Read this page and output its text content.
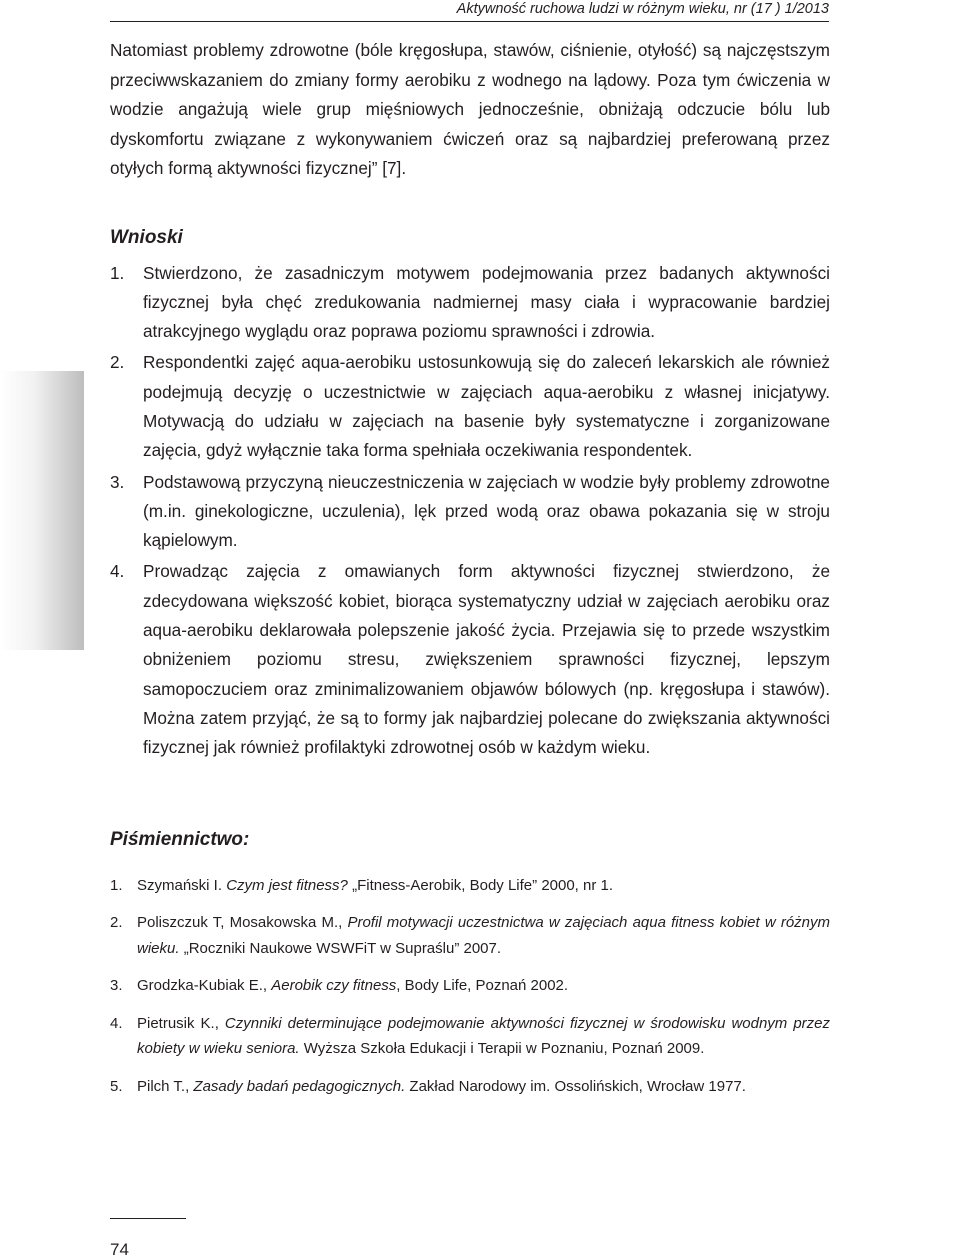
Aktywność ruchowa ludzi w różnym wieku, nr (17 ) 1/2013

Natomiast problemy zdrowotne (bóle kręgosłupa, stawów, ciśnienie, otyłość) są najczęstszym przeciwwskazaniem do zmiany formy aerobiku z wodnego na lądowy. Poza tym ćwiczenia w wodzie angażują wiele grup mięśniowych jednocześnie, obniżają odczucie bólu lub dyskomfortu związane z wykonywaniem ćwiczeń oraz są najbardziej preferowaną przez otyłych formą aktywności fizycznej” [7].

Wnioski
1. Stwierdzono, że zasadniczym motywem podejmowania przez badanych aktywności fizycznej była chęć zredukowania nadmiernej masy ciała i wypracowanie bardziej atrakcyjnego wyglądu oraz poprawa poziomu sprawności i zdrowia.
2. Respondentki zajęć aqua-aerobiku ustosunkowują się do zaleceń lekarskich ale również podejmują decyzję o uczestnictwie w zajęciach aqua-aerobiku z własnej inicjatywy. Motywacją do udziału w zajęciach na basenie były systematyczne i zorganizowane zajęcia, gdyż wyłącznie taka forma spełniała oczekiwania respondentek.
3. Podstawową przyczyną nieuczestniczenia w zajęciach w wodzie były problemy zdrowotne (m.in. ginekologiczne, uczulenia), lęk przed wodą oraz obawa pokazania się w stroju kąpielowym.
4. Prowadząc zajęcia z omawianych form aktywności fizycznej stwierdzono, że zdecydowana większość kobiet, biorąca systematyczny udział w zajęciach aerobiku oraz aqua-aerobiku deklarowała polepszenie jakość życia. Przejawia się to przede wszystkim obniżeniem poziomu stresu, zwiększeniem sprawności fizycznej, lepszym samopoczuciem oraz zminimalizowaniem objawów bólowych (np. kręgosłupa i stawów). Można zatem przyjąć, że są to formy jak najbardziej polecane do zwiększania aktywności fizycznej jak również profilaktyki zdrowotnej osób w każdym wieku.
Piśmiennictwo:
1. Szymański I. Czym jest fitness? „Fitness-Aerobik, Body Life” 2000, nr 1.
2. Poliszczuk T, Mosakowska M., Profil motywacji uczestnictwa w zajęciach aqua fitness kobiet w różnym wieku. „Roczniki Naukowe WSWFiT w Supraślu” 2007.
3. Grodzka-Kubiak E., Aerobik czy fitness, Body Life, Poznań 2002.
4. Pietrusik K., Czynniki determinujące podejmowanie aktywności fizycznej w środowisku wodnym przez kobiety w wieku seniora. Wyższa Szkoła Edukacji i Terapii w Poznaniu, Poznań 2009.
5. Pilch T., Zasady badań pedagogicznych. Zakład Narodowy im. Ossolińskich, Wrocław 1977.
74
